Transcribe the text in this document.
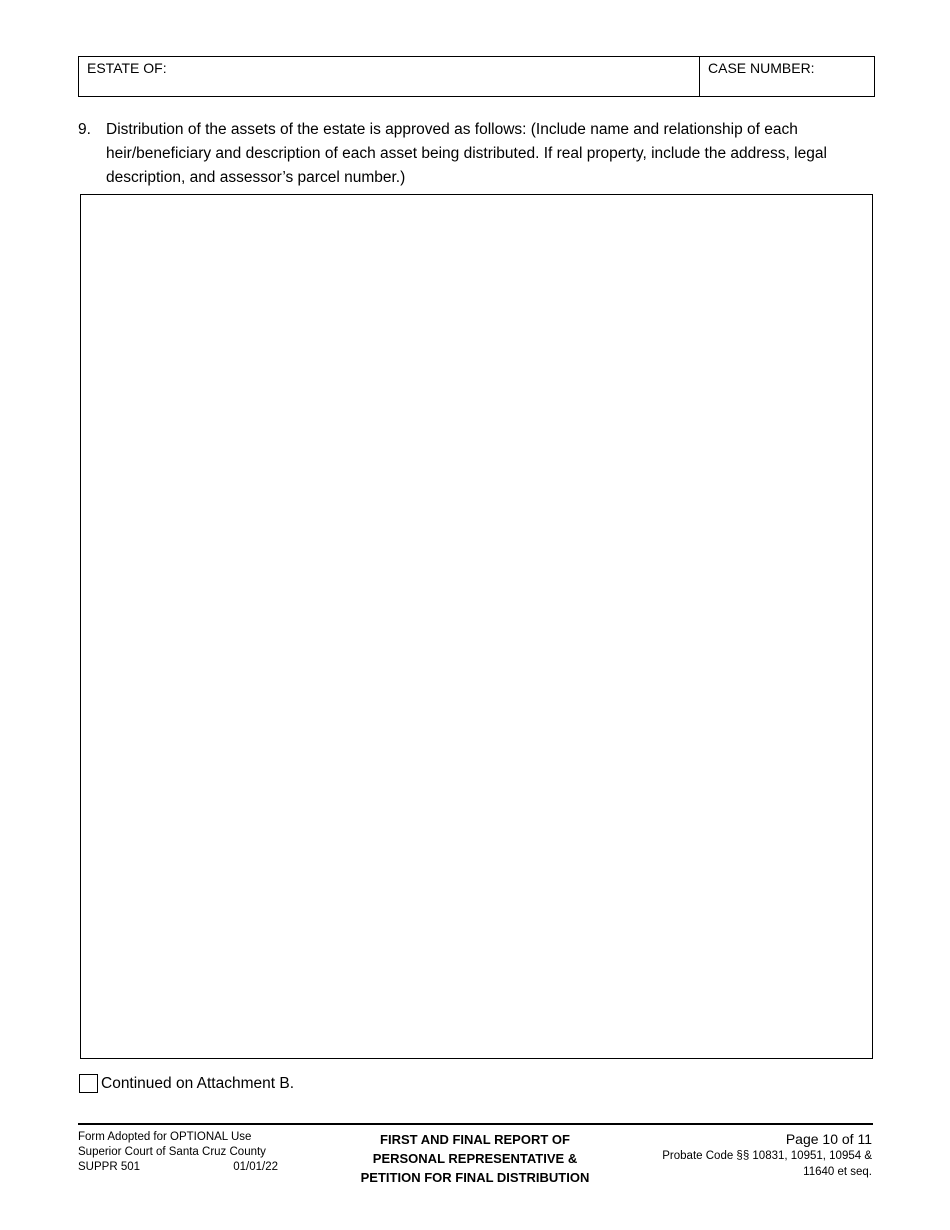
ESTATE OF:	CASE NUMBER:
9. Distribution of the assets of the estate is approved as follows: (Include name and relationship of each heir/beneficiary and description of each asset being distributed. If real property, include the address, legal description, and assessor’s parcel number.)
Continued on Attachment B.
Form Adopted for OPTIONAL Use
Superior Court of Santa Cruz County
SUPPR 501	01/01/22
FIRST AND FINAL REPORT OF
PERSONAL REPRESENTATIVE &
PETITION FOR FINAL DISTRIBUTION
Page 10 of 11
Probate Code §§ 10831, 10951, 10954 &
11640 et seq.
